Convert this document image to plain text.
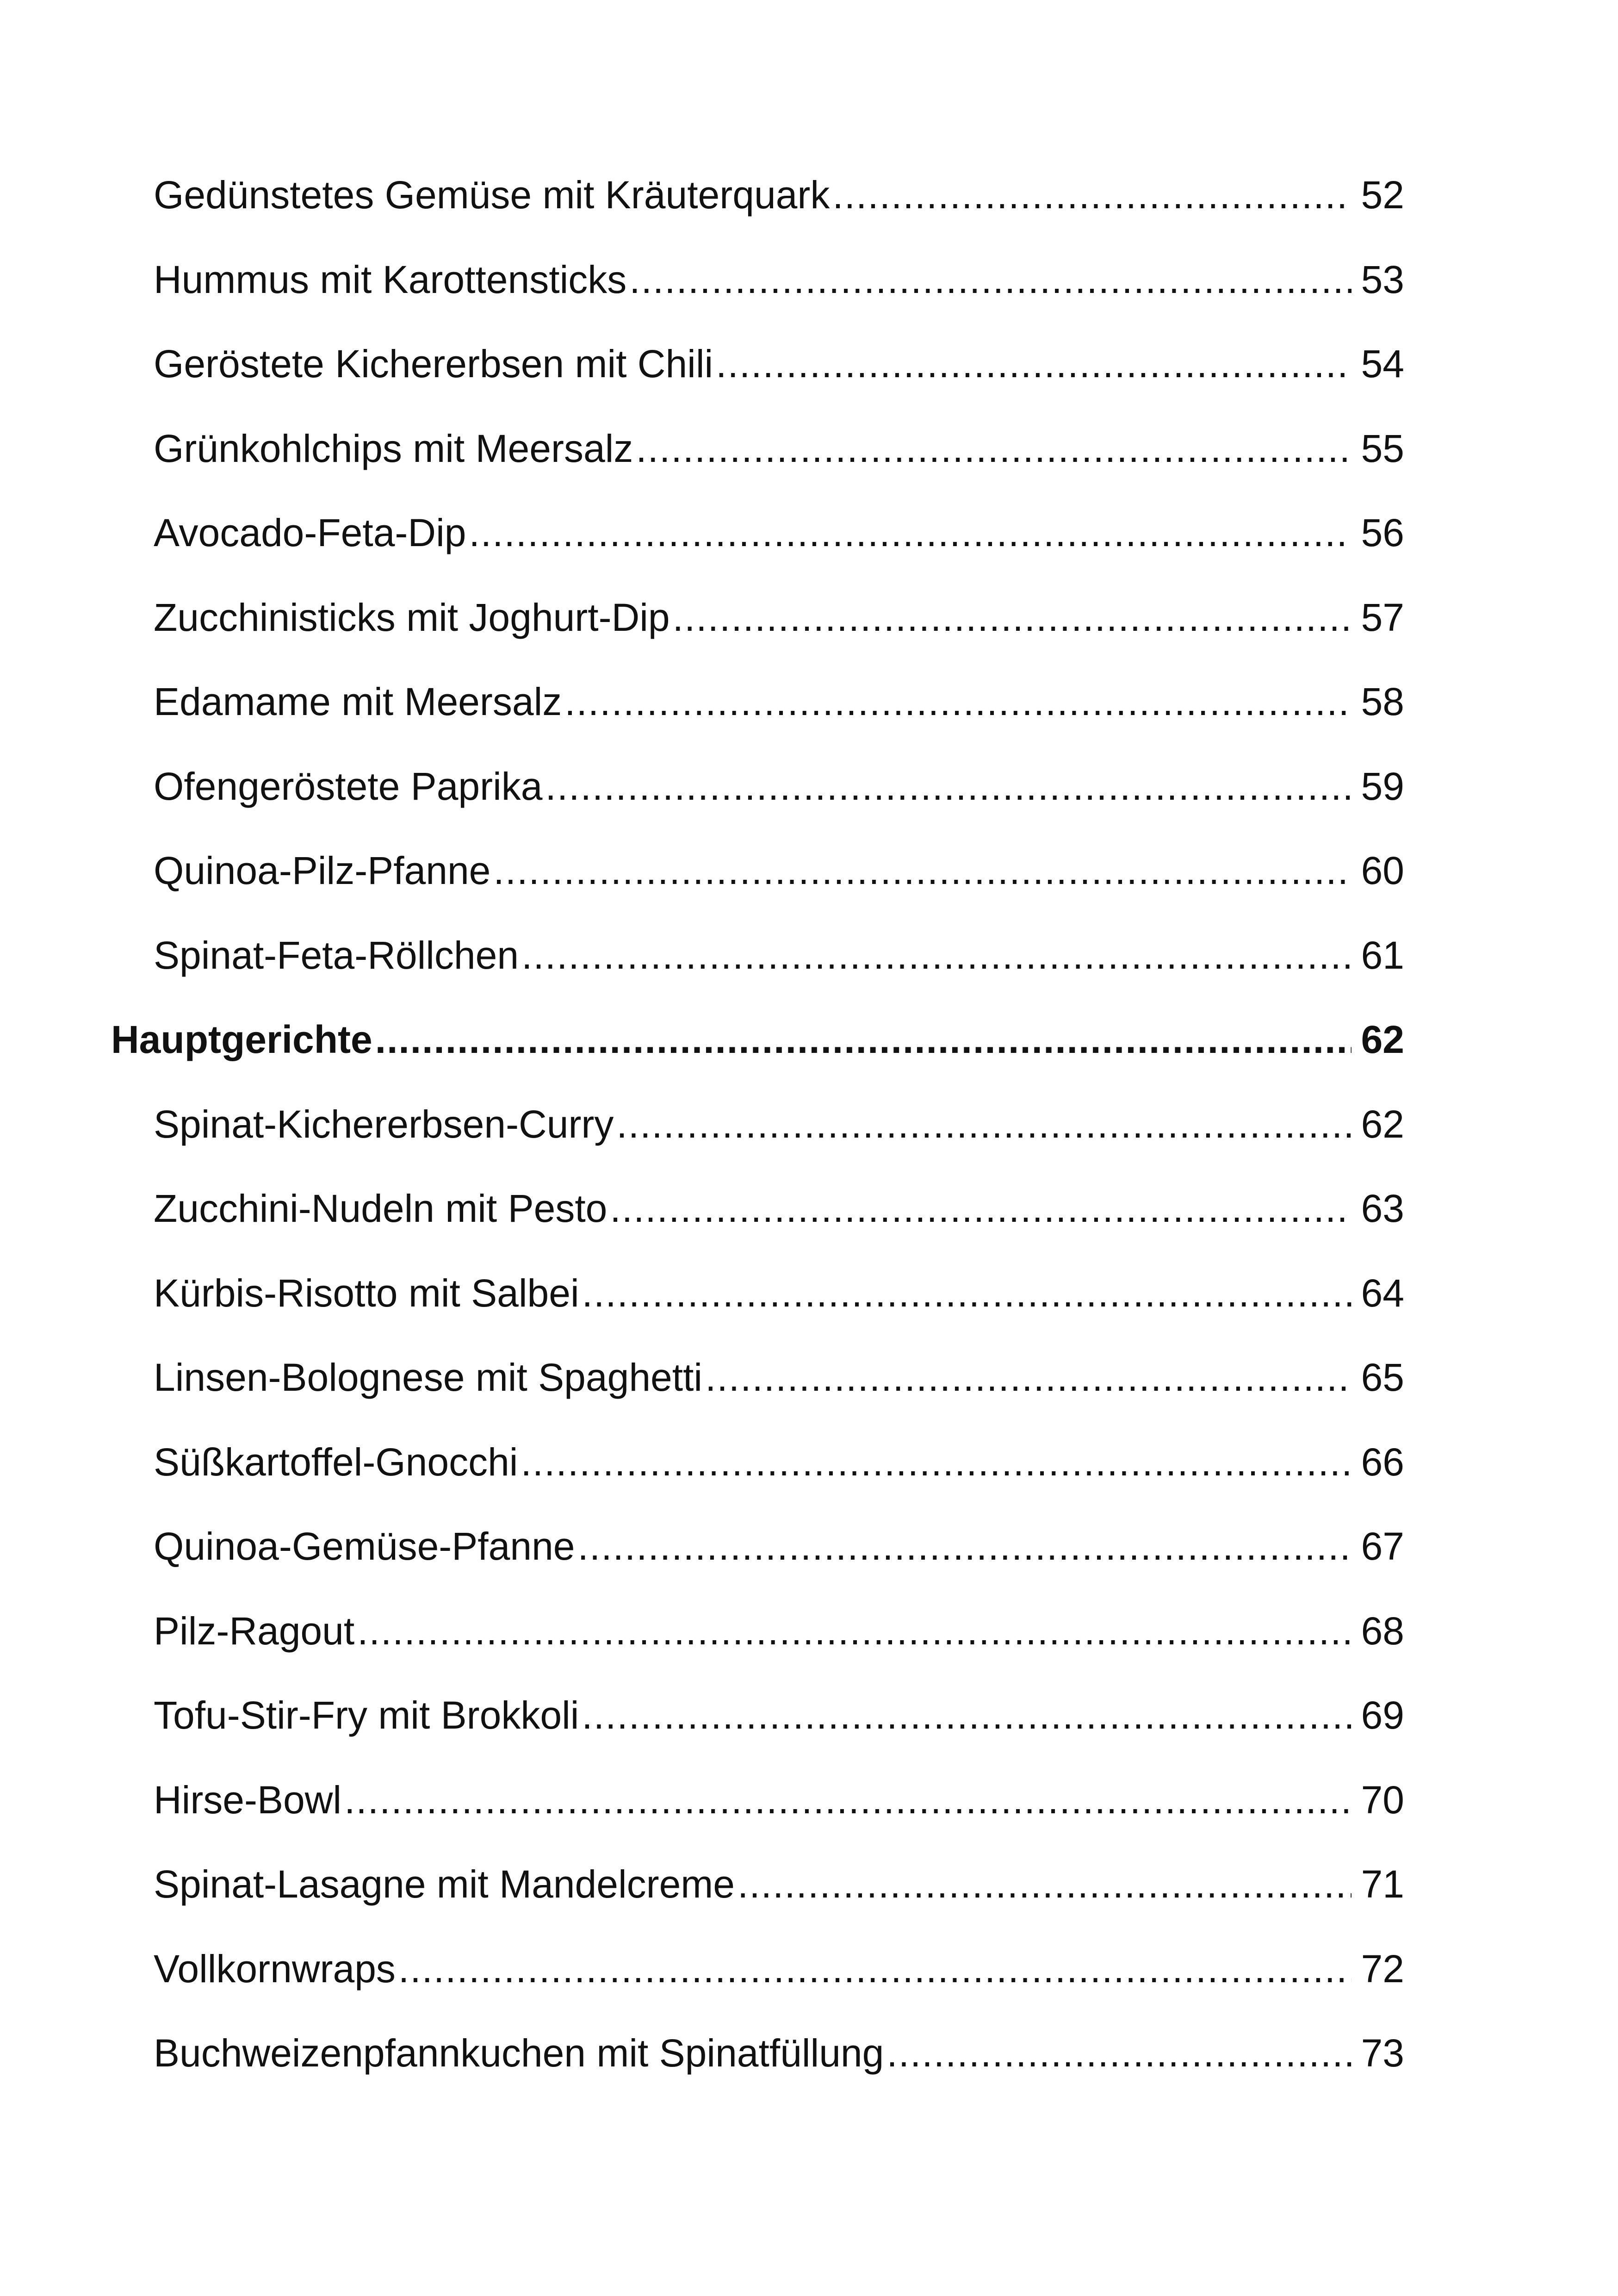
Gedünstetes Gemüse mit Kräuterquark .....	52
Hummus mit Karottensticks .....	53
Geröstete Kichererbsen mit Chili .....	54
Grünkohlchips mit Meersalz .....	55
Avocado-Feta-Dip .....	56
Zucchinisticks mit Joghurt-Dip .....	57
Edamame mit Meersalz .....	58
Ofengeröstete Paprika .....	59
Quinoa-Pilz-Pfanne .....	60
Spinat-Feta-Röllchen .....	61
Hauptgerichte .....	62
Spinat-Kichererbsen-Curry .....	62
Zucchini-Nudeln mit Pesto .....	63
Kürbis-Risotto mit Salbei .....	64
Linsen-Bolognese mit Spaghetti .....	65
Süßkartoffel-Gnocchi .....	66
Quinoa-Gemüse-Pfanne .....	67
Pilz-Ragout .....	68
Tofu-Stir-Fry mit Brokkoli .....	69
Hirse-Bowl .....	70
Spinat-Lasagne mit Mandelcreme .....	71
Vollkornwraps .....	72
Buchweizenpfannkuchen mit Spinatfüllung .....	73
